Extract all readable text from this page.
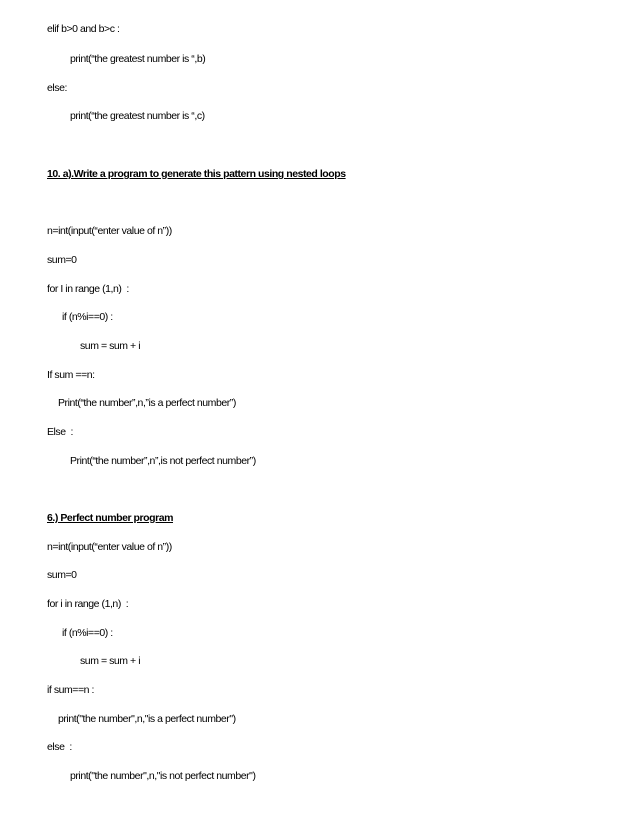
elif b>0 and b>c :

print(“the greatest number is “,b)

else:

print(“the greatest number is “,c)

10. a).Write a program to generate this pattern using nested loops

n=int(input(“enter value of n”))

sum=0

for I in range (1,n)  :

if (n%i==0) :

sum = sum + i

If sum ==n:

Print(“the number”,n,”is a perfect number”)

Else  :

Print(“the number”,n”,is not perfect number”)

6.) Perfect number program

n=int(input(“enter value of n”))

sum=0

for i in range (1,n)  :

if (n%i==0) :

sum = sum + i

if sum==n :

print("the number",n,"is a perfect number")

else  :

print("the number",n,"is not perfect number")
